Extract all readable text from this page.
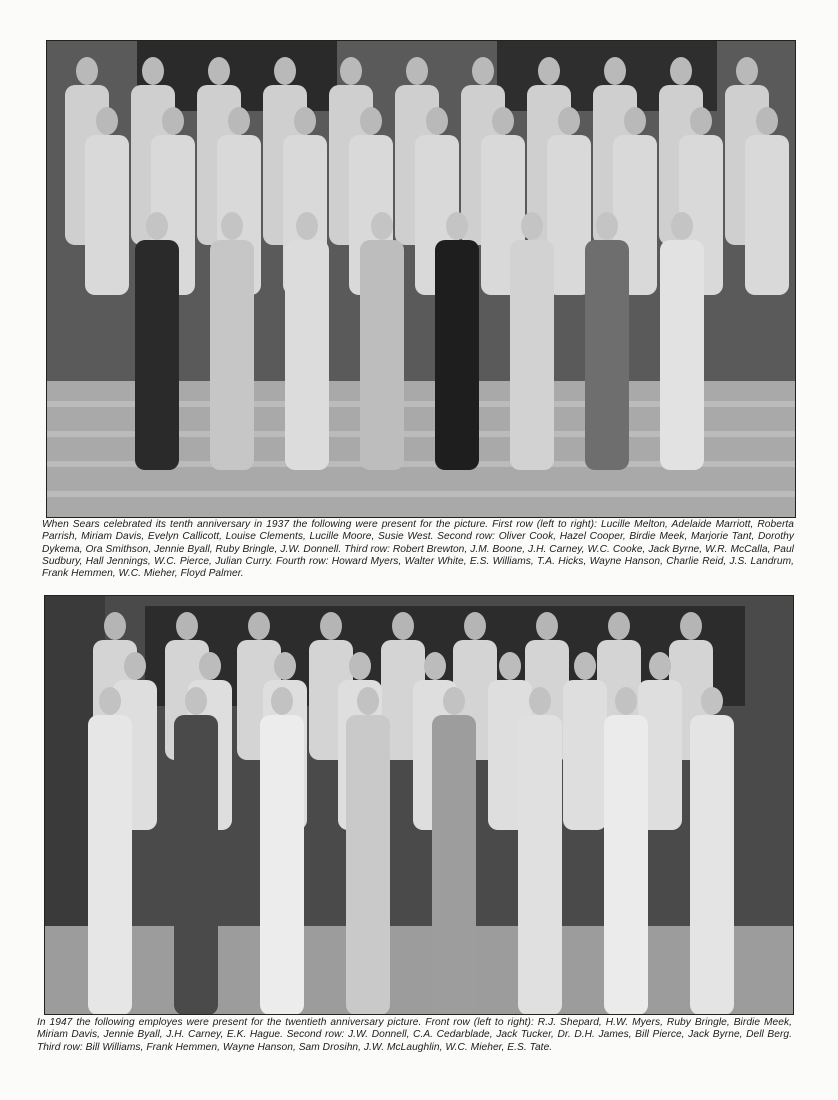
When Sears celebrated its tenth anniversary in 1937 the following were present for the picture. First row (left to right): Lucille Melton, Adelaide Marriott, Roberta Parrish, Miriam Davis, Evelyn Callicott, Louise Clements, Lucille Moore, Susie West. Second row: Oliver Cook, Hazel Cooper, Birdie Meek, Marjorie Tant, Dorothy Dykema, Ora Smithson, Jennie Byall, Ruby Bringle, J.W. Donnell. Third row: Robert Brewton, J.M. Boone, J.H. Carney, W.C. Cooke, Jack Byrne, W.R. McCalla, Paul Sudbury, Hall Jennings, W.C. Pierce, Julian Curry. Fourth row: Howard Myers, Walter White, E.S. Williams, T.A. Hicks, Wayne Hanson, Charlie Reid, J.S. Landrum, Frank Hemmen, W.C. Mieher, Floyd Palmer.
In 1947 the following employes were present for the twentieth anniversary picture. Front row (left to right): R.J. Shepard, H.W. Myers, Ruby Bringle, Birdie Meek, Miriam Davis, Jennie Byall, J.H. Carney, E.K. Hague. Second row: J.W. Donnell, C.A. Cedarblade, Jack Tucker, Dr. D.H. James, Bill Pierce, Jack Byrne, Dell Berg. Third row: Bill Williams, Frank Hemmen, Wayne Hanson, Sam Drosihn, J.W. McLaughlin, W.C. Mieher, E.S. Tate.
